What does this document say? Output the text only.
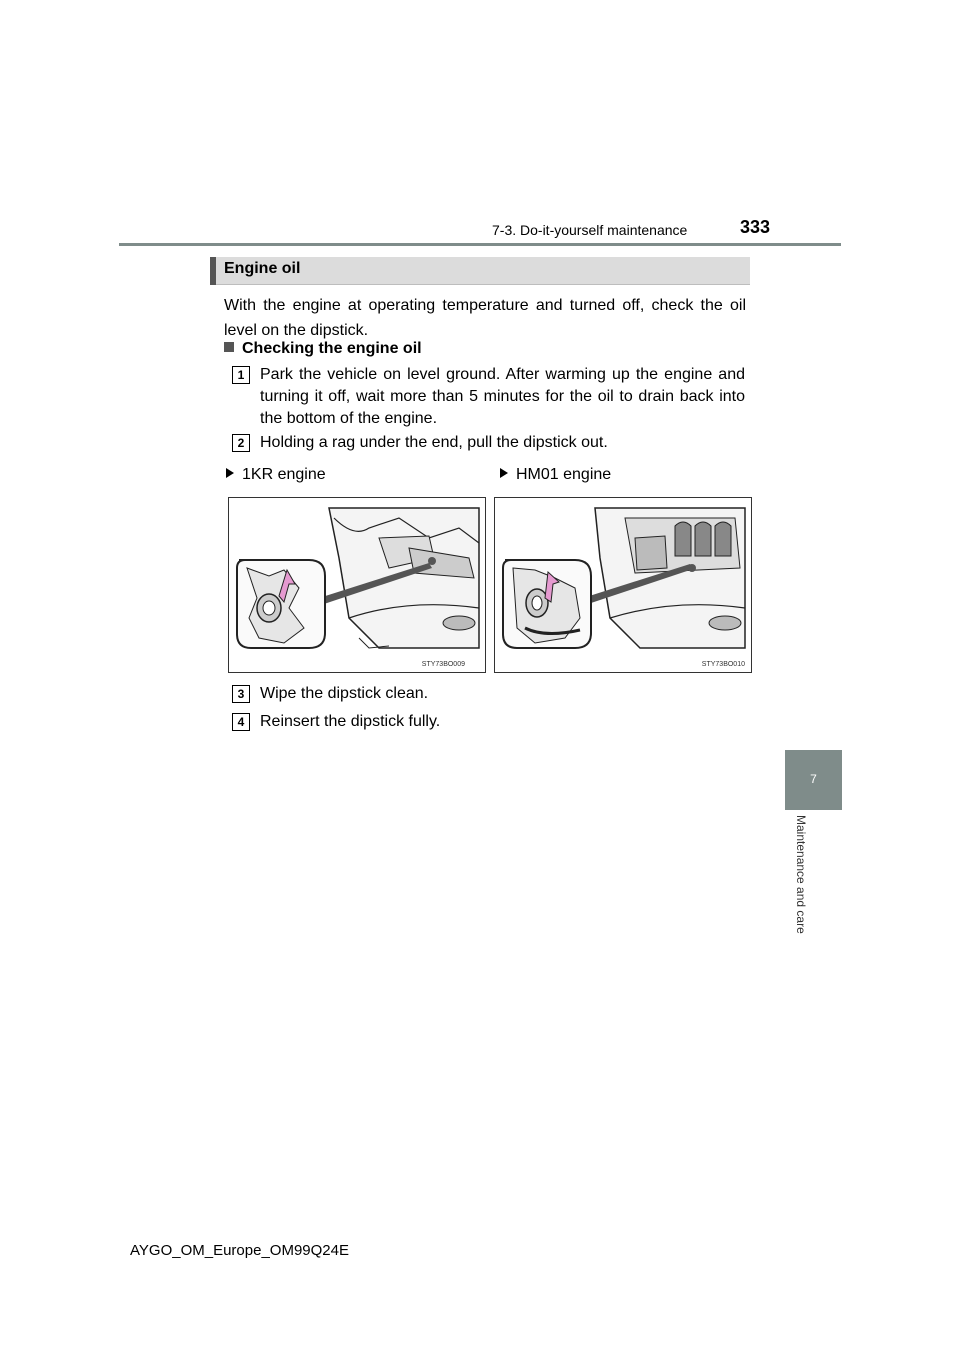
7-3. Do-it-yourself maintenance	333
Engine oil
With the engine at operating temperature and turned off, check the oil level on the dipstick.
Checking the engine oil
1 Park the vehicle on level ground. After warming up the engine and turning it off, wait more than 5 minutes for the oil to drain back into the bottom of the engine.
2 Holding a rag under the end, pull the dipstick out.
1KR engine	HM01 engine
STY73BO009	STY73BO010
3 Wipe the dipstick clean.
4 Reinsert the dipstick fully.
7
Maintenance and care
AYGO_OM_Europe_OM99Q24E
